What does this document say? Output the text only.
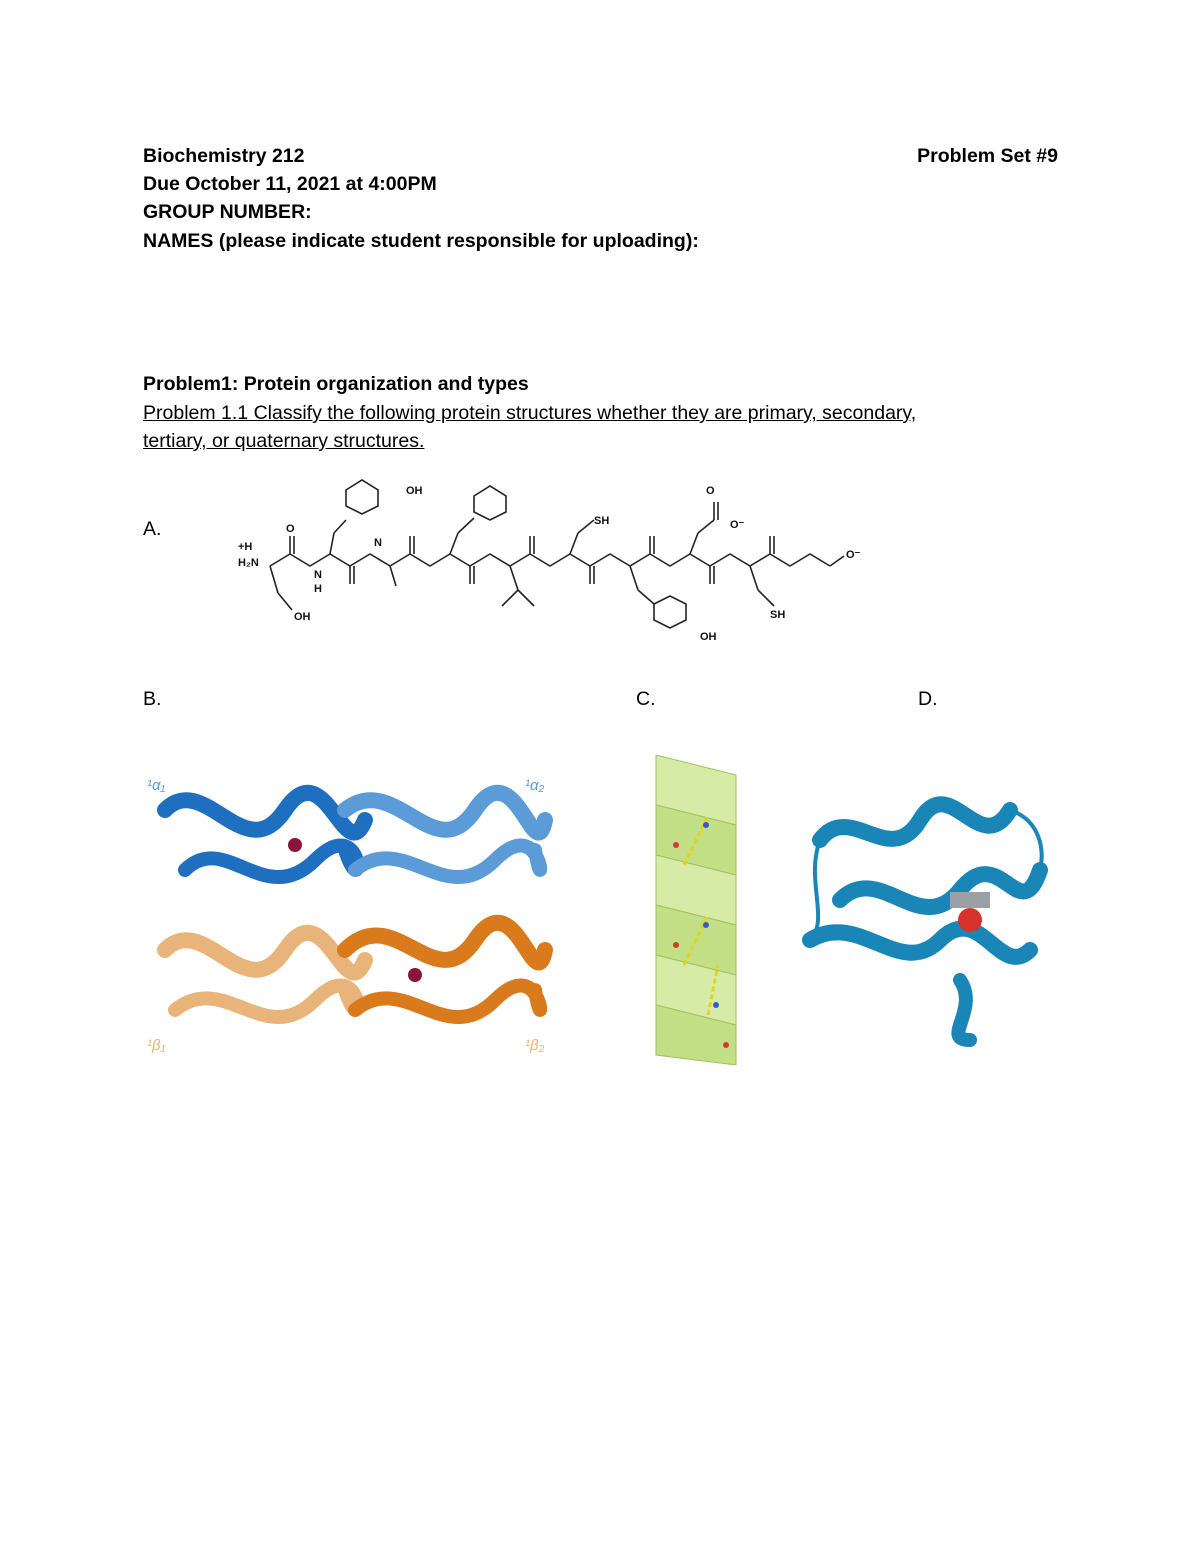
Biochemistry 212	Problem Set #9
Due October 11, 2021 at 4:00PM
GROUP NUMBER:
NAMES (please indicate student responsible for uploading):
Problem1: Protein organization and types
Problem 1.1 Classify the following protein structures whether they are primary, secondary,
tertiary, or quaternary structures.
A.
B.	C.	D.
+H
H₂N
O
N
H
OH
OH
N
SH
O
O⁻
SH
OH
O⁻
¹α₁	¹α₂
¹β₁	¹β₂
